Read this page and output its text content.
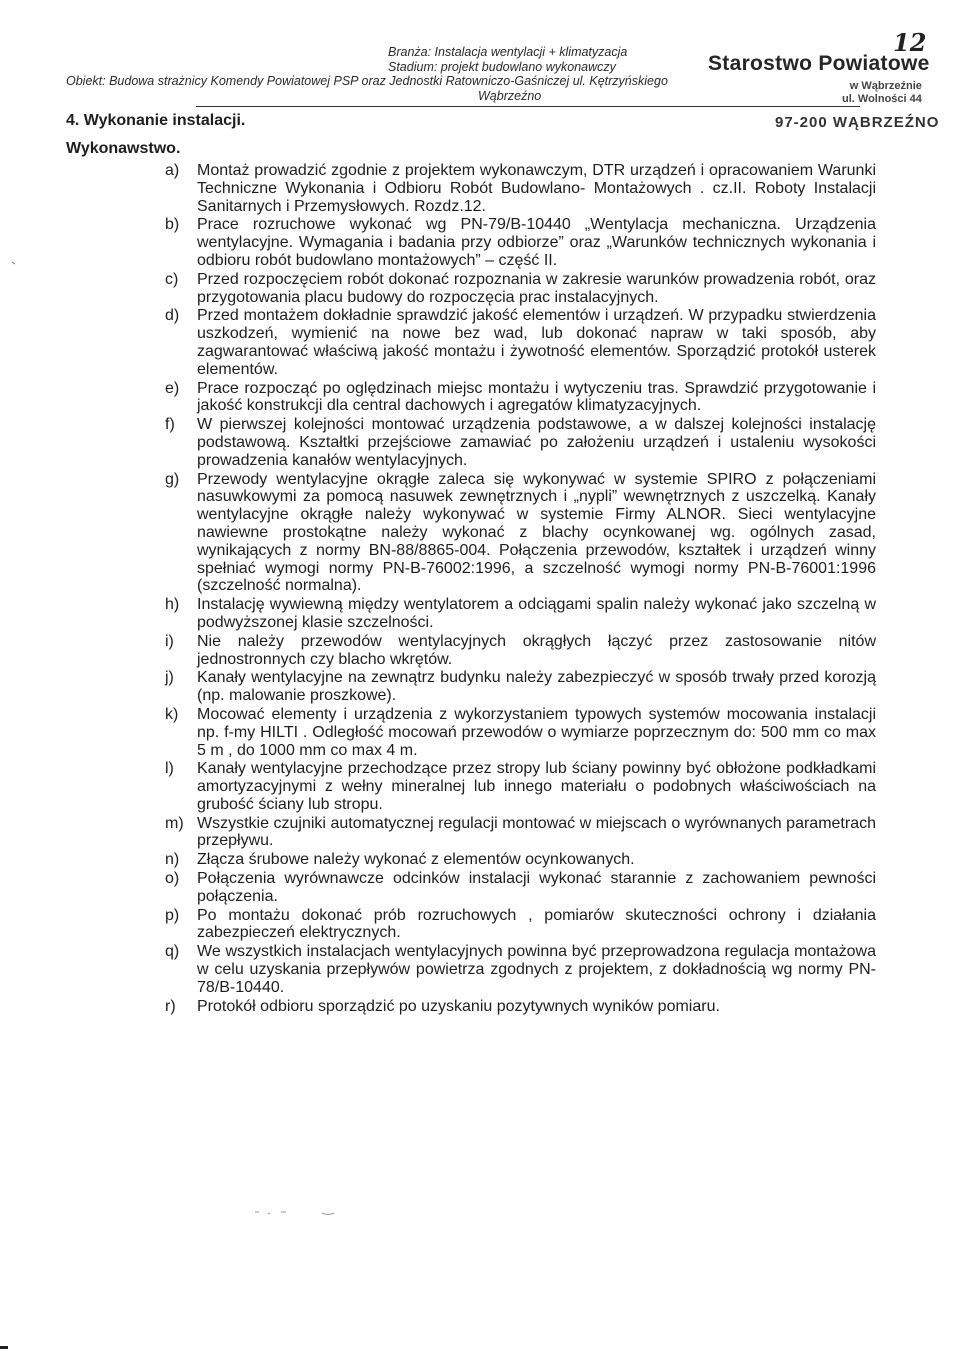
Branża: Instalacja wentylacji + klimatyzacja
Stadium: projekt budowlano wykonawczy
Obiekt: Budowa strażnicy Komendy Powiatowej PSP oraz Jednostki Ratowniczo-Gaśniczej ul. Kętrzyńskiego
Wąbrzeźno
Starostwo Powiatowe
12
w Wąbrzeźnie
ul. Wolności 44
97-200 WĄBRZEŹNO
4. Wykonanie instalacji.
Wykonawstwo.
a) Montaż prowadzić zgodnie z projektem wykonawczym, DTR urządzeń i opracowaniem Warunki Techniczne Wykonania i Odbioru Robót Budowlano- Montażowych . cz.II. Roboty Instalacji Sanitarnych i Przemysłowych. Rozdz.12.
b) Prace rozruchowe wykonać wg PN-79/B-10440 „Wentylacja mechaniczna. Urządzenia wentylacyjne. Wymagania i badania przy odbiorze” oraz „Warunków technicznych wykonania i odbioru robót budowlano montażowych” – część II.
c) Przed rozpoczęciem robót dokonać rozpoznania w zakresie warunków prowadzenia robót, oraz przygotowania placu budowy do rozpoczęcia prac instalacyjnych.
d) Przed montażem dokładnie sprawdzić jakość elementów i urządzeń. W przypadku stwierdzenia uszkodzeń, wymienić na nowe bez wad, lub dokonać napraw w taki sposób, aby zagwarantować właściwą jakość montażu i żywotność elementów. Sporządzić protokół usterek elementów.
e) Prace rozpocząć po oględzinach miejsc montażu i wytyczeniu tras. Sprawdzić przygotowanie i jakość konstrukcji dla central dachowych i agregatów klimatyzacyjnych.
f) W pierwszej kolejności montować urządzenia podstawowe, a w dalszej kolejności instalację podstawową. Kształtki przejściowe zamawiać po założeniu urządzeń i ustaleniu wysokości prowadzenia kanałów wentylacyjnych.
g) Przewody wentylacyjne okrągłe zaleca się wykonywać w systemie SPIRO z połączeniami nasuwkowymi za pomocą nasuwek zewnętrznych i „nypli” wewnętrznych z uszczelką. Kanały wentylacyjne okrągłe należy wykonywać w systemie Firmy ALNOR. Sieci wentylacyjne nawiewne prostokątne należy wykonać z blachy ocynkowanej wg. ogólnych zasad, wynikających z normy BN-88/8865-004. Połączenia przewodów, kształtek i urządzeń winny spełniać wymogi normy PN-B-76002:1996, a szczelność wymogi normy PN-B-76001:1996 (szczelność normalna).
h) Instalację wywiewną między wentylatorem a odciągami spalin należy wykonać jako szczelną w podwyższonej klasie szczelności.
i) Nie należy przewodów wentylacyjnych okrągłych łączyć przez zastosowanie nitów jednostronnych czy blacho wkrętów.
j) Kanały wentylacyjne na zewnątrz budynku należy zabezpieczyć w sposób trwały przed korozją (np. malowanie proszkowe).
k) Mocować elementy i urządzenia z wykorzystaniem typowych systemów mocowania instalacji np. f-my HILTI . Odległość mocowań przewodów o wymiarze poprzecznym do: 500 mm co max 5 m , do 1000 mm co max 4 m.
l) Kanały wentylacyjne przechodzące przez stropy lub ściany powinny być obłożone podkładkami amortyzacyjnymi z wełny mineralnej lub innego materiału o podobnych właściwościach na grubość ściany lub stropu.
m) Wszystkie czujniki automatycznej regulacji montować w miejscach o wyrównanych parametrach przepływu.
n) Złącza śrubowe należy wykonać z elementów ocynkowanych.
o) Połączenia wyrównawcze odcinków instalacji wykonać starannie z zachowaniem pewności połączenia.
p) Po montażu dokonać prób rozruchowych , pomiarów skuteczności ochrony i działania zabezpieczeń elektrycznych.
q) We wszystkich instalacjach wentylacyjnych powinna być przeprowadzona regulacja montażowa w celu uzyskania przepływów powietrza zgodnych z projektem, z dokładnością wg normy PN-78/B-10440.
r) Protokół odbioru sporządzić po uzyskaniu pozytywnych wyników pomiaru.
